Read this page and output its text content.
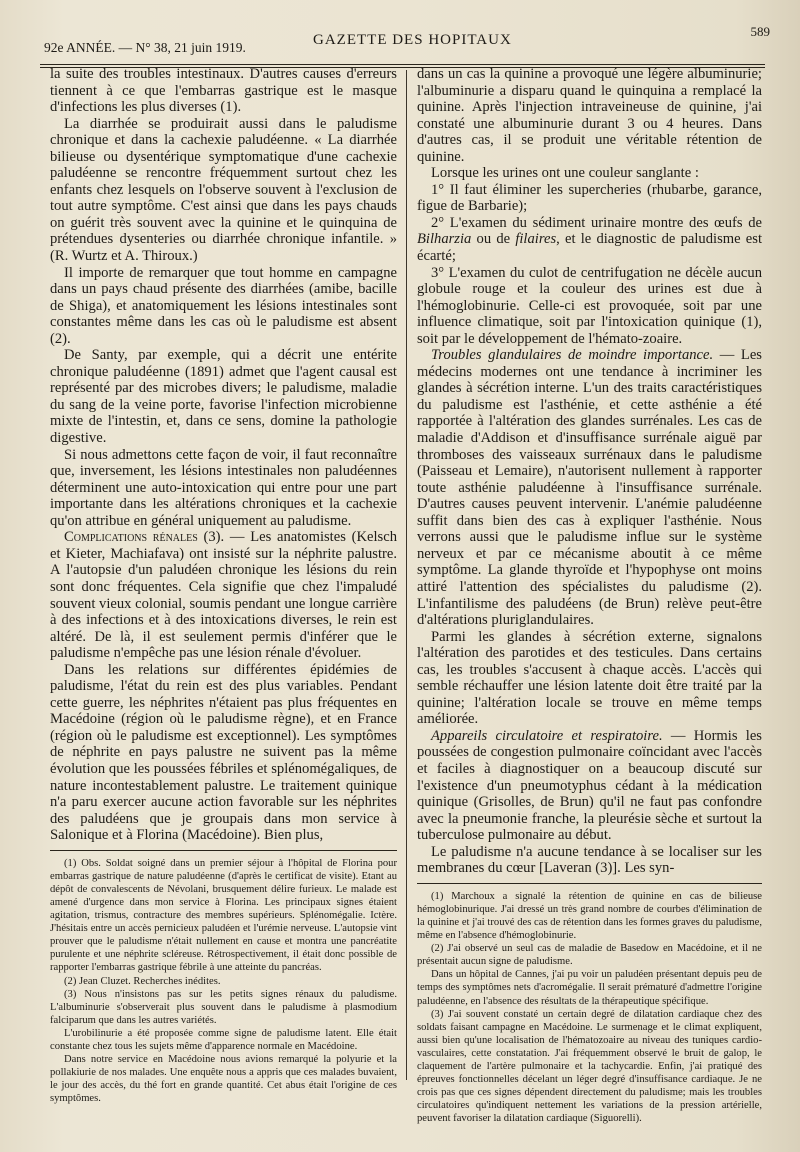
92e ANNÉE. — N° 38, 21 juin 1919.	GAZETTE DES HOPITAUX
589

la suite des troubles intestinaux. D'autres causes d'erreurs tiennent à ce que l'embarras gastrique est le masque d'infections les plus diverses (1).

La diarrhée se produirait aussi dans le paludisme chronique et dans la cachexie paludéenne. « La diarrhée bilieuse ou dysentérique symptomatique d'une cachexie paludéenne se rencontre fréquemment surtout chez les enfants chez lesquels on l'observe souvent à l'exclusion de tout autre symptôme. C'est ainsi que dans les pays chauds on guérit très souvent avec la quinine et le quinquina de prétendues dysenteries ou diarrhée chronique infantile. » (R. Wurtz et A. Thiroux.)

Il importe de remarquer que tout homme en campagne dans un pays chaud présente des diarrhées (amibe, bacille de Shiga), et anatomiquement les lésions intestinales sont constantes même dans les cas où le paludisme est absent (2).

De Santy, par exemple, qui a décrit une entérite chronique paludéenne (1891) admet que l'agent causal est représenté par des microbes divers; le paludisme, maladie du sang de la veine porte, favorise l'infection microbienne mixte de l'intestin, et, dans ce sens, domine la pathologie digestive.

Si nous admettons cette façon de voir, il faut reconnaître que, inversement, les lésions intestinales non paludéennes déterminent une auto-intoxication qui entre pour une part importante dans les altérations chroniques et la cachexie qu'on attribue en général uniquement au paludisme.

Complications rénales (3). — Les anatomistes (Kelsch et Kieter, Machiafava) ont insisté sur la néphrite palustre. A l'autopsie d'un paludéen chronique les lésions du rein sont donc fréquentes. Cela signifie que chez l'impaludé souvent vieux colonial, soumis pendant une longue carrière à des infections et à des intoxications diverses, le rein est altéré. De là, il est seulement permis d'inférer que le paludisme n'empêche pas une lésion rénale d'évoluer.

Dans les relations sur différentes épidémies de paludisme, l'état du rein est des plus variables. Pendant cette guerre, les néphrites n'étaient pas plus fréquentes en Macédoine (région où le paludisme règne), et en France (région où le paludisme est exceptionnel). Les symptômes de néphrite en pays palustre ne suivent pas la même évolution que les poussées fébriles et splénomégaliques, de nature incontestablement palustre. Le traitement quinique n'a paru exercer aucune action favorable sur les néphrites des paludéens que je groupais dans mon service à Salonique et à Florina (Macédoine). Bien plus,

(1) Obs. Soldat soigné dans un premier séjour à l'hôpital de Florina pour embarras gastrique de nature paludéenne (d'après le certificat de visite). Etant au dépôt de convalescents de Névolani, brusquement délire furieux. Le malade est amené d'urgence dans mon service à Florina. Les principaux signes étaient agitation, trismus, contracture des membres supérieurs. Splénomégalie. Ictère. J'hésitais entre un accès pernicieux paludéen et l'urémie nerveuse. L'autopsie vint prouver que le paludisme n'était nullement en cause et montra une pancréatite purulente et une néphrite scléreuse. Rétrospectivement, il était donc possible de rapporter l'embarras gastrique fébrile à une atteinte du pancréas.

(2) Jean Cluzet. Recherches inédites.

(3) Nous n'insistons pas sur les petits signes rénaux du paludisme. L'albuminurie s'observerait plus souvent dans le paludisme à plasmodium falciparum que dans les autres variétés.

L'urobilinurie a été proposée comme signe de paludisme latent. Elle était constante chez tous les sujets même d'apparence normale en Macédoine.

Dans notre service en Macédoine nous avions remarqué la polyurie et la pollakiurie de nos malades. Une enquête nous a appris que ces malades buvaient, le jour des accès, du thé fort en grande quantité. Cet abus était l'origine de ces symptômes.

dans un cas la quinine a provoqué une légère albuminurie; l'albuminurie a disparu quand le quinquina a remplacé la quinine. Après l'injection intraveineuse de quinine, j'ai constaté une albuminurie durant 3 ou 4 heures. Dans d'autres cas, il se produit une véritable rétention de quinine.

Lorsque les urines ont une couleur sanglante :

1° Il faut éliminer les supercheries (rhubarbe, garance, figue de Barbarie);

2° L'examen du sédiment urinaire montre des œufs de Bilharzia ou de filaires, et le diagnostic de paludisme est écarté;

3° L'examen du culot de centrifugation ne décèle aucun globule rouge et la couleur des urines est due à l'hémoglobinurie. Celle-ci est provoquée, soit par une influence climatique, soit par l'intoxication quinique (1), soit par le développement de l'hémato-zoaire.

Troubles glandulaires de moindre importance. — Les médecins modernes ont une tendance à incriminer les glandes à sécrétion interne. L'un des traits caractéristiques du paludisme est l'asthénie, et cette asthénie a été rapportée à l'altération des glandes surrénales. Les cas de maladie d'Addison et d'insuffisance surrénale aiguë par thromboses des vaisseaux surrénaux dans le paludisme (Paisseau et Lemaire), n'autorisent nullement à rapporter toute asthénie paludéenne à l'insuffisance surrénale. D'autres causes peuvent intervenir. L'anémie paludéenne suffit dans bien des cas à expliquer l'asthénie. Nous verrons aussi que le paludisme influe sur le système nerveux et par ce mécanisme aboutit à ce même symptôme. La glande thyroïde et l'hypophyse ont moins attiré l'attention des spécialistes du paludisme (2). L'infantilisme des paludéens (de Brun) relève peut-être d'altérations pluriglandulaires.

Parmi les glandes à sécrétion externe, signalons l'altération des parotides et des testicules. Dans certains cas, les troubles s'accusent à chaque accès. L'accès qui semble réchauffer une lésion latente doit être traité par la quinine; l'altération locale se trouve en même temps améliorée.

Appareils circulatoire et respiratoire. — Hormis les poussées de congestion pulmonaire coïncidant avec l'accès et faciles à diagnostiquer on a beaucoup discuté sur l'existence d'un pneumotyphus cédant à la médication quinique (Grisolles, de Brun) qu'il ne faut pas confondre avec la pneumonie franche, la pleurésie sèche et surtout la tuberculose pulmonaire au début.

Le paludisme n'a aucune tendance à se localiser sur les membranes du cœur [Laveran (3)]. Les syn-

(1) Marchoux a signalé la rétention de quinine en cas de bilieuse hémoglobinurique. J'ai dressé un très grand nombre de courbes d'élimination de la quinine et j'ai trouvé des cas de rétention dans les formes graves du paludisme, même en l'absence d'hémoglobinurie.

(2) J'ai observé un seul cas de maladie de Basedow en Macédoine, et il ne présentait aucun signe de paludisme.

Dans un hôpital de Cannes, j'ai pu voir un paludéen présentant depuis peu de temps des symptômes nets d'acromégalie. Il serait prématuré d'admettre l'origine paludéenne, en l'absence des résultats de la thérapeutique spécifique.

(3) J'ai souvent constaté un certain degré de dilatation cardiaque chez des soldats faisant campagne en Macédoine. Le surmenage et le climat expliquent, aussi bien qu'une localisation de l'hématozoaire au niveau des tuniques cardio-vasculaires, cette constatation. J'ai fréquemment observé le bruit de galop, le claquement de l'artère pulmonaire et la tachycardie. Enfin, j'ai pratiqué des épreuves fonctionnelles décelant un léger degré d'insuffisance cardiaque. Je ne crois pas que ces signes dépendent directement du paludisme; mais les troubles circulatoires qu'indiquent nettement les variations de la pression artérielle, peuvent favoriser la dilatation cardiaque (Siguorelli).
